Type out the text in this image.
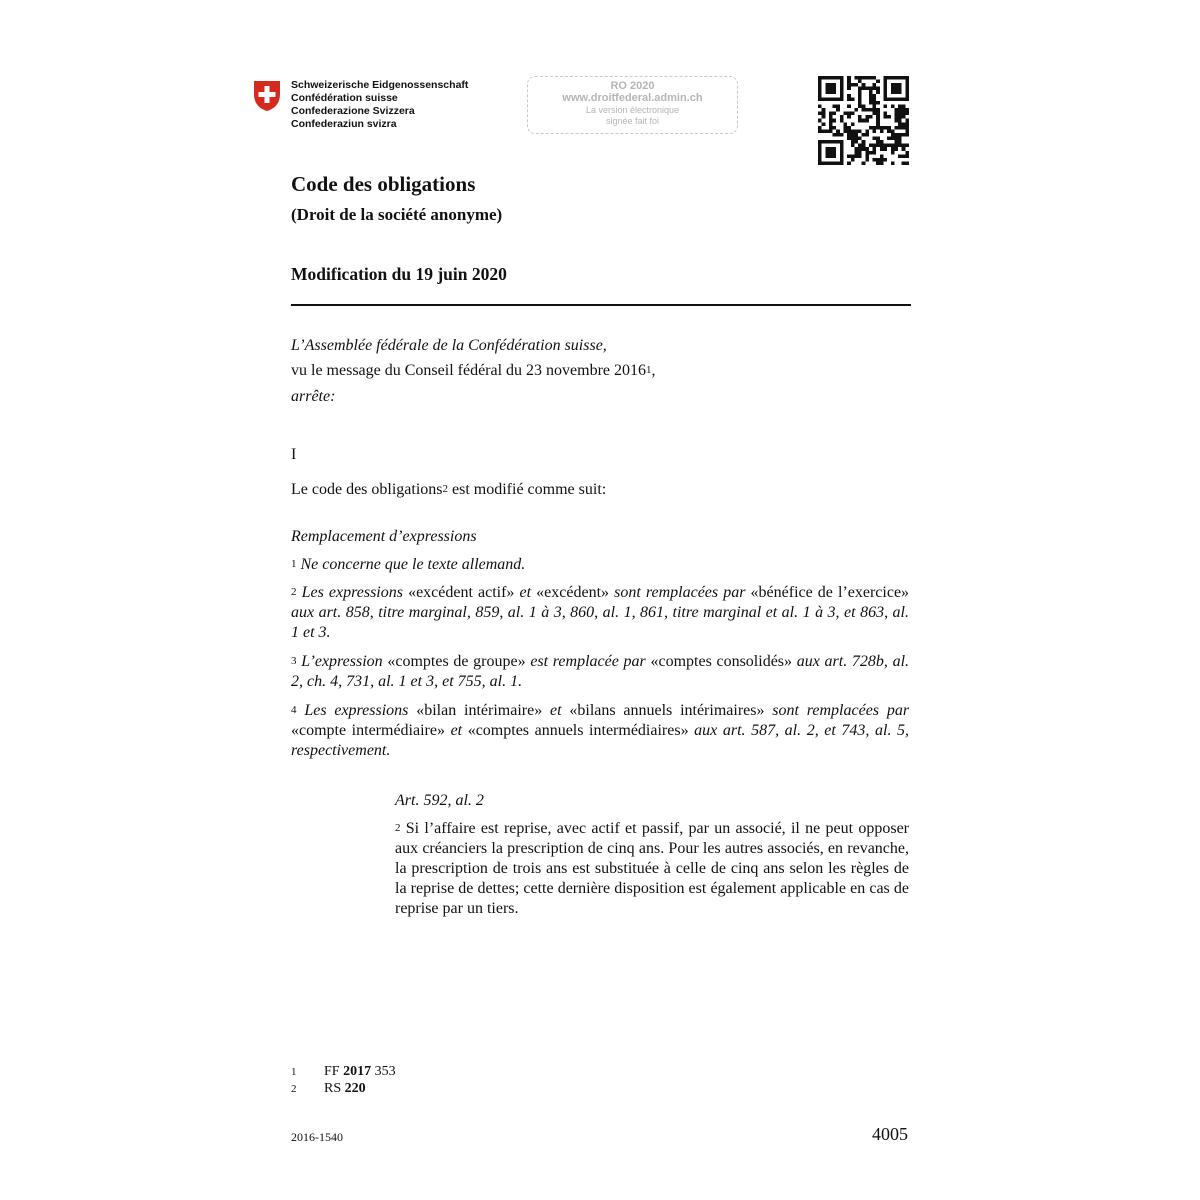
Schweizerische Eidgenossenschaft
Confédération suisse
Confederazione Svizzera
Confederaziun svizra
RO 2020
www.droitfederal.admin.ch
La version électronique
signée fait foi
Code des obligations
(Droit de la société anonyme)
Modification du 19 juin 2020
L’Assemblée fédérale de la Confédération suisse,
vu le message du Conseil fédéral du 23 novembre 2016$^1$,
arrête:
I
Le code des obligations$^2$ est modifié comme suit:
Remplacement d’expressions
$^1$ Ne concerne que le texte allemand.
$^2$ Les expressions «excédent actif» et «excédent» sont remplacées par «bénéfice de l’exercice» aux art. 858, titre marginal, 859, al. 1 à 3, 860, al. 1, 861, titre marginal et al. 1 à 3, et 863, al. 1 et 3.
$^3$ L’expression «comptes de groupe» est remplacée par «comptes consolidés» aux art. 728b, al. 2, ch. 4, 731, al. 1 et 3, et 755, al. 1.
$^4$ Les expressions «bilan intérimaire» et «bilans annuels intérimaires» sont remplacées par «compte intermédiaire» et «comptes annuels intermédiaires» aux art. 587, al. 2, et 743, al. 5, respectivement.
Art. 592, al. 2
$^2$ Si l’affaire est reprise, avec actif et passif, par un associé, il ne peut opposer aux créanciers la prescription de cinq ans. Pour les autres associés, en revanche, la prescription de trois ans est substituée à celle de cinq ans selon les règles de la reprise de dettes; cette dernière disposition est également applicable en cas de reprise par un tiers.
1 FF 2017 353
2 RS 220
2016-1540	4005
